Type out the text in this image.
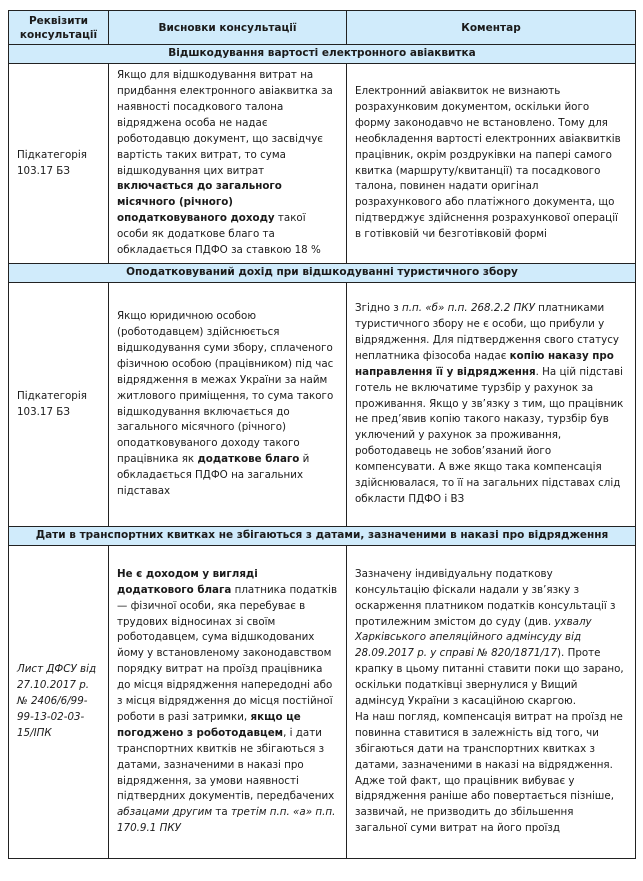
Реквізити консультації	Висновки консультації	Коментар
Відшкодування вартості електронного авіаквитка		
Підкатегорія 103.17 БЗ	Якщо для відшкодування витрат на придбання електронного авіаквитка за наявності посадкового талона відряджена особа не надає роботодавцю документ, що засвідчує вартість таких витрат, то сума відшкодування цих витрат включається до загального місячного (річного) оподатковуваного доходу такої особи як додаткове благо та обкладається ПДФО за ставкою 18 %	Електронний авіаквиток не визнають розрахунковим документом, оскільки його форму законодавчо не встановлено. Тому для необкладення вартості електронних авіаквитків працівник, окрім роздруківки на папері самого квитка (маршруту/квитанції) та посадкового талона, повинен надати оригінал розрахункового або платіжного документа, що підтверджує здійснення розрахункової операції в готівковій чи безготівковій формі
Оподатковуваний дохід при відшкодуванні туристичного збору		
Підкатегорія 103.17 БЗ	Якщо юридичною особою (роботодавцем) здійснюється відшкодування суми збору, сплаченого фізичною особою (працівником) під час відрядження в межах України за найм житлового приміщення, то сума такого відшкодування включається до загального місячного (річного) оподатковуваного доходу такого працівника як додаткове благо й обкладається ПДФО на загальних підставах	Згідно з п.п. «б» п.п. 268.2.2 ПКУ платниками туристичного збору не є особи, що прибули у відрядження. Для підтвердження свого статусу неплатника фізособа надає копію наказу про направлення її у відрядження. На цій підставі готель не включатиме турзбір у рахунок за проживання. Якщо у зв’язку з тим, що працівник не пред’явив копію такого наказу, турзбір був уключений у рахунок за проживання, роботодавець не зобов’язаний його компенсувати. А вже якщо така компенсація здійснювалася, то її на загальних підставах слід обкласти ПДФО і ВЗ
Дати в транспортних квитках не збігаються з датами, зазначеними в наказі про відрядження		
Лист ДФСУ від 27.10.2017 р. № 2406/6/99-99-13-02-03-15/ІПК	Не є доходом у вигляді додаткового блага платника податків — фізичної особи, яка перебуває в трудових відносинах зі своїм роботодавцем, сума відшкодованих йому у встановленому законодавством порядку витрат на проїзд працівника до місця відрядження напередодні або з місця відрядження до місця постійної роботи в разі затримки, якщо це погоджено з роботодавцем, і дати транспортних квитків не збігаються з датами, зазначеними в наказі про відрядження, за умови наявності підтвердних документів, передбачених абзацами другим та третім п.п. «а» п.п. 170.9.1 ПКУ	Зазначену індивідуальну податкову консультацію фіскали надали у зв’язку з оскарження платником податків консультації з протилежним змістом до суду (див. ухвалу Харківського апеляційного адмінсуду від 28.09.2017 р. у справі № 820/1871/17). Проте крапку в цьому питанні ставити поки що зарано, оскільки податківці звернулися у Вищий адмінсуд України з касаційною скаргою.
На наш погляд, компенсація витрат на проїзд не повинна ставитися в залежність від того, чи збігаються дати на транспортних квитках з датами, зазначеними в наказі на відрядження. Адже той факт, що працівник вибуває у відрядження раніше або повертається пізніше, зазвичай, не призводить до збільшення загальної суми витрат на його проїзд
